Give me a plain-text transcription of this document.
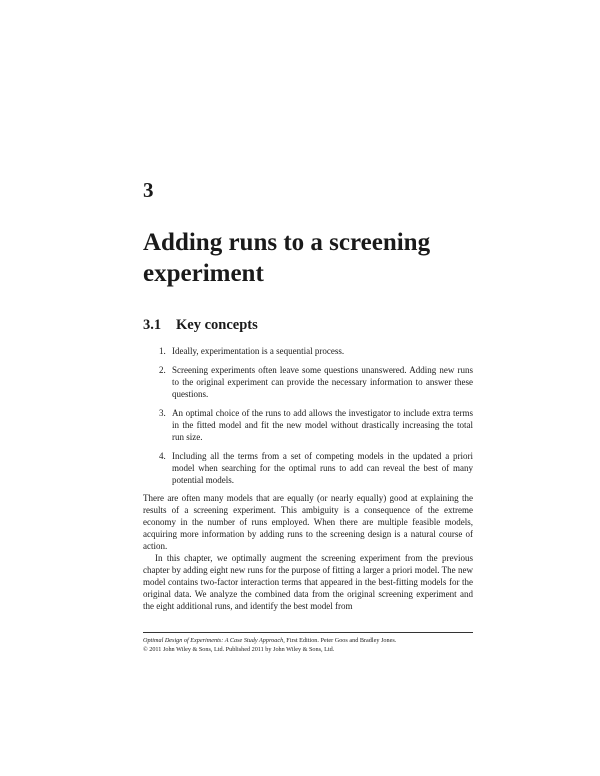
3
Adding runs to a screening experiment
3.1 Key concepts
1. Ideally, experimentation is a sequential process.
2. Screening experiments often leave some questions unanswered. Adding new runs to the original experiment can provide the necessary information to answer these questions.
3. An optimal choice of the runs to add allows the investigator to include extra terms in the fitted model and fit the new model without drastically increasing the total run size.
4. Including all the terms from a set of competing models in the updated a priori model when searching for the optimal runs to add can reveal the best of many potential models.

There are often many models that are equally (or nearly equally) good at explaining the results of a screening experiment. This ambiguity is a consequence of the extreme economy in the number of runs employed. When there are multiple feasible models, acquiring more information by adding runs to the screening design is a natural course of action.

In this chapter, we optimally augment the screening experiment from the previous chapter by adding eight new runs for the purpose of fitting a larger a priori model. The new model contains two-factor interaction terms that appeared in the best-fitting models for the original data. We analyze the combined data from the original screening experiment and the eight additional runs, and identify the best model from

Optimal Design of Experiments: A Case Study Approach, First Edition. Peter Goos and Bradley Jones.
© 2011 John Wiley & Sons, Ltd. Published 2011 by John Wiley & Sons, Ltd.
